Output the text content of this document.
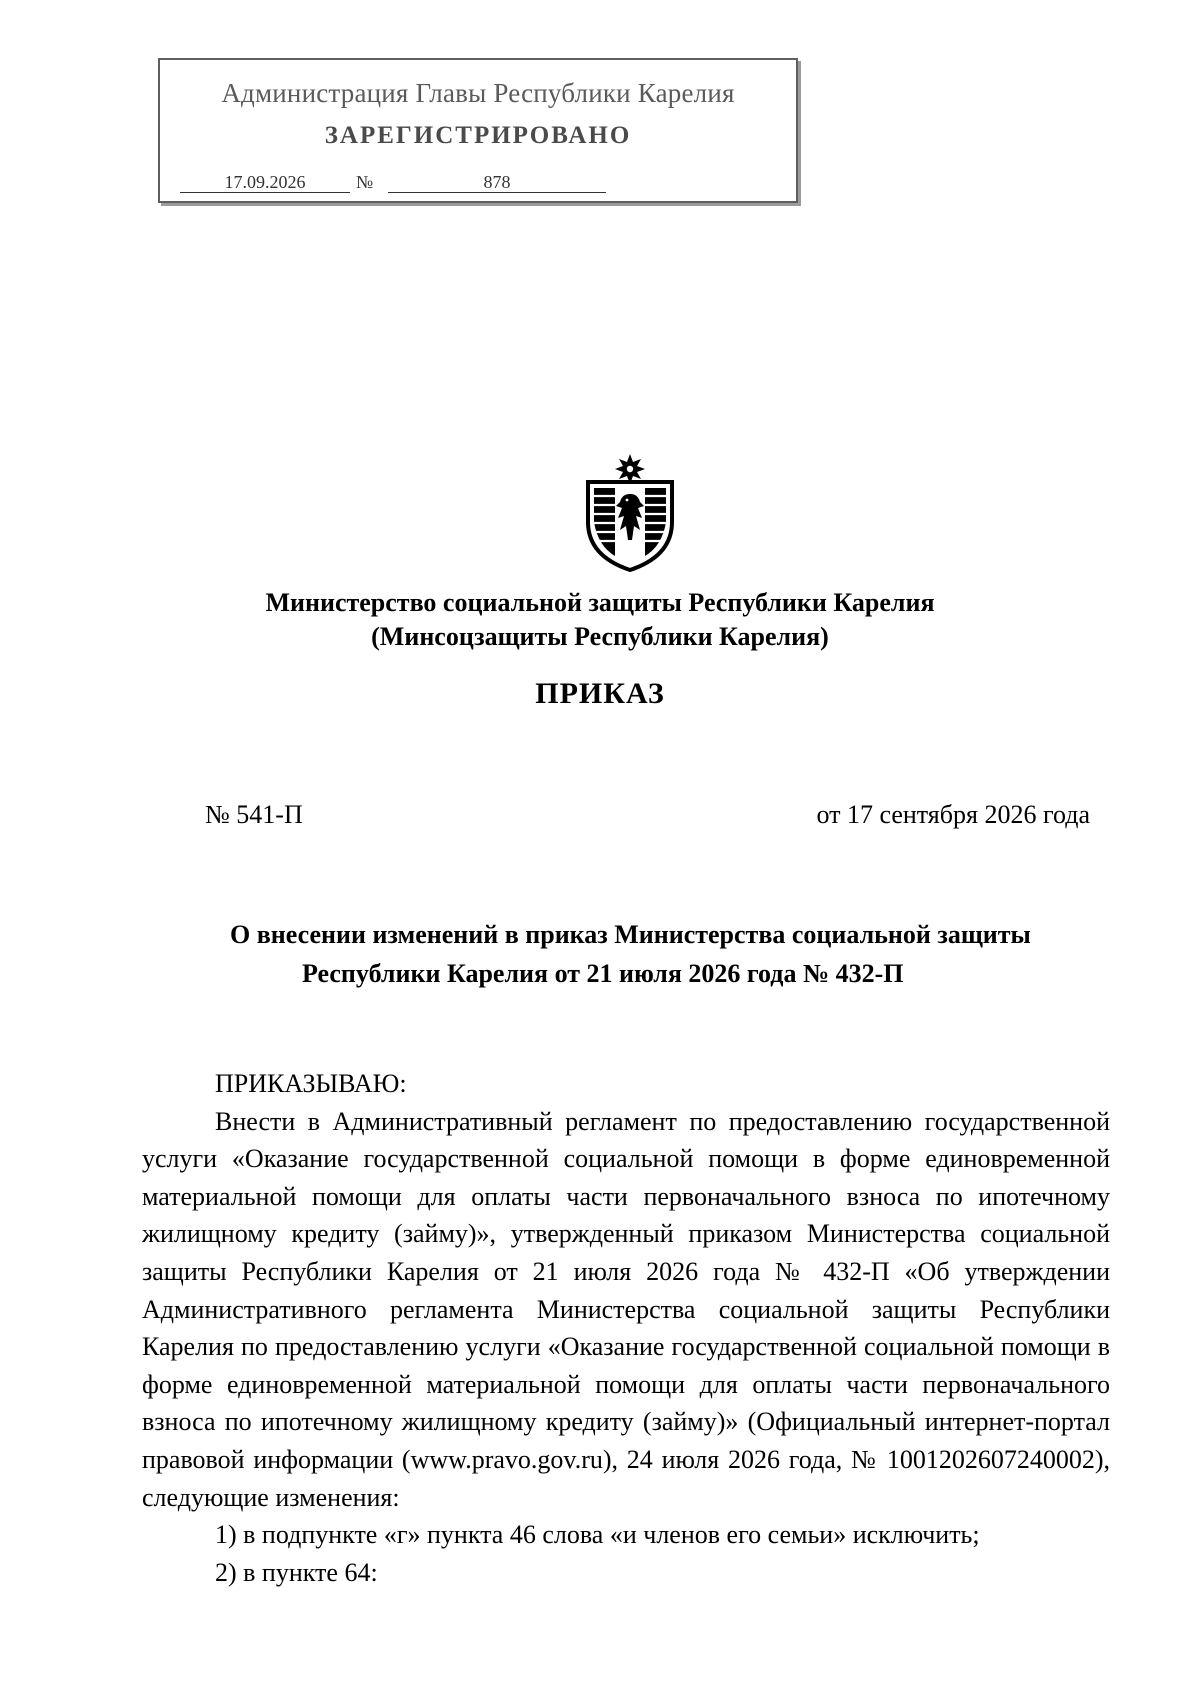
Администрация Главы Республики Карелия
ЗАРЕГИСТРИРОВАНО
17.09.2026	№	878
Министерство социальной защиты Республики Карелия
(Минсоцзащиты Республики Карелия)
ПРИКАЗ
№ 541-П	от 17 сентября 2026 года
О внесении изменений в приказ Министерства социальной защиты
Республики Карелия от 21 июля 2026 года № 432-П

ПРИКАЗЫВАЮ:

Внести в Административный регламент по предоставлению государственной услуги «Оказание государственной социальной помощи в форме единовременной материальной помощи для оплаты части первоначального взноса по ипотечному жилищному кредиту (займу)», утвержденный приказом Министерства социальной защиты Республики Карелия от 21 июля 2026 года № 432-П «Об утверждении Административного регламента Министерства социальной защиты Республики Карелия по предоставлению услуги «Оказание государственной социальной помощи в форме единовременной материальной помощи для оплаты части первоначального взноса по ипотечному жилищному кредиту (займу)» (Официальный интернет-портал правовой информации (www.pravo.gov.ru), 24 июля 2026 года, № 1001202607240002), следующие изменения:

1) в подпункте «г» пункта 46 слова «и членов его семьи» исключить;

2) в пункте 64:
